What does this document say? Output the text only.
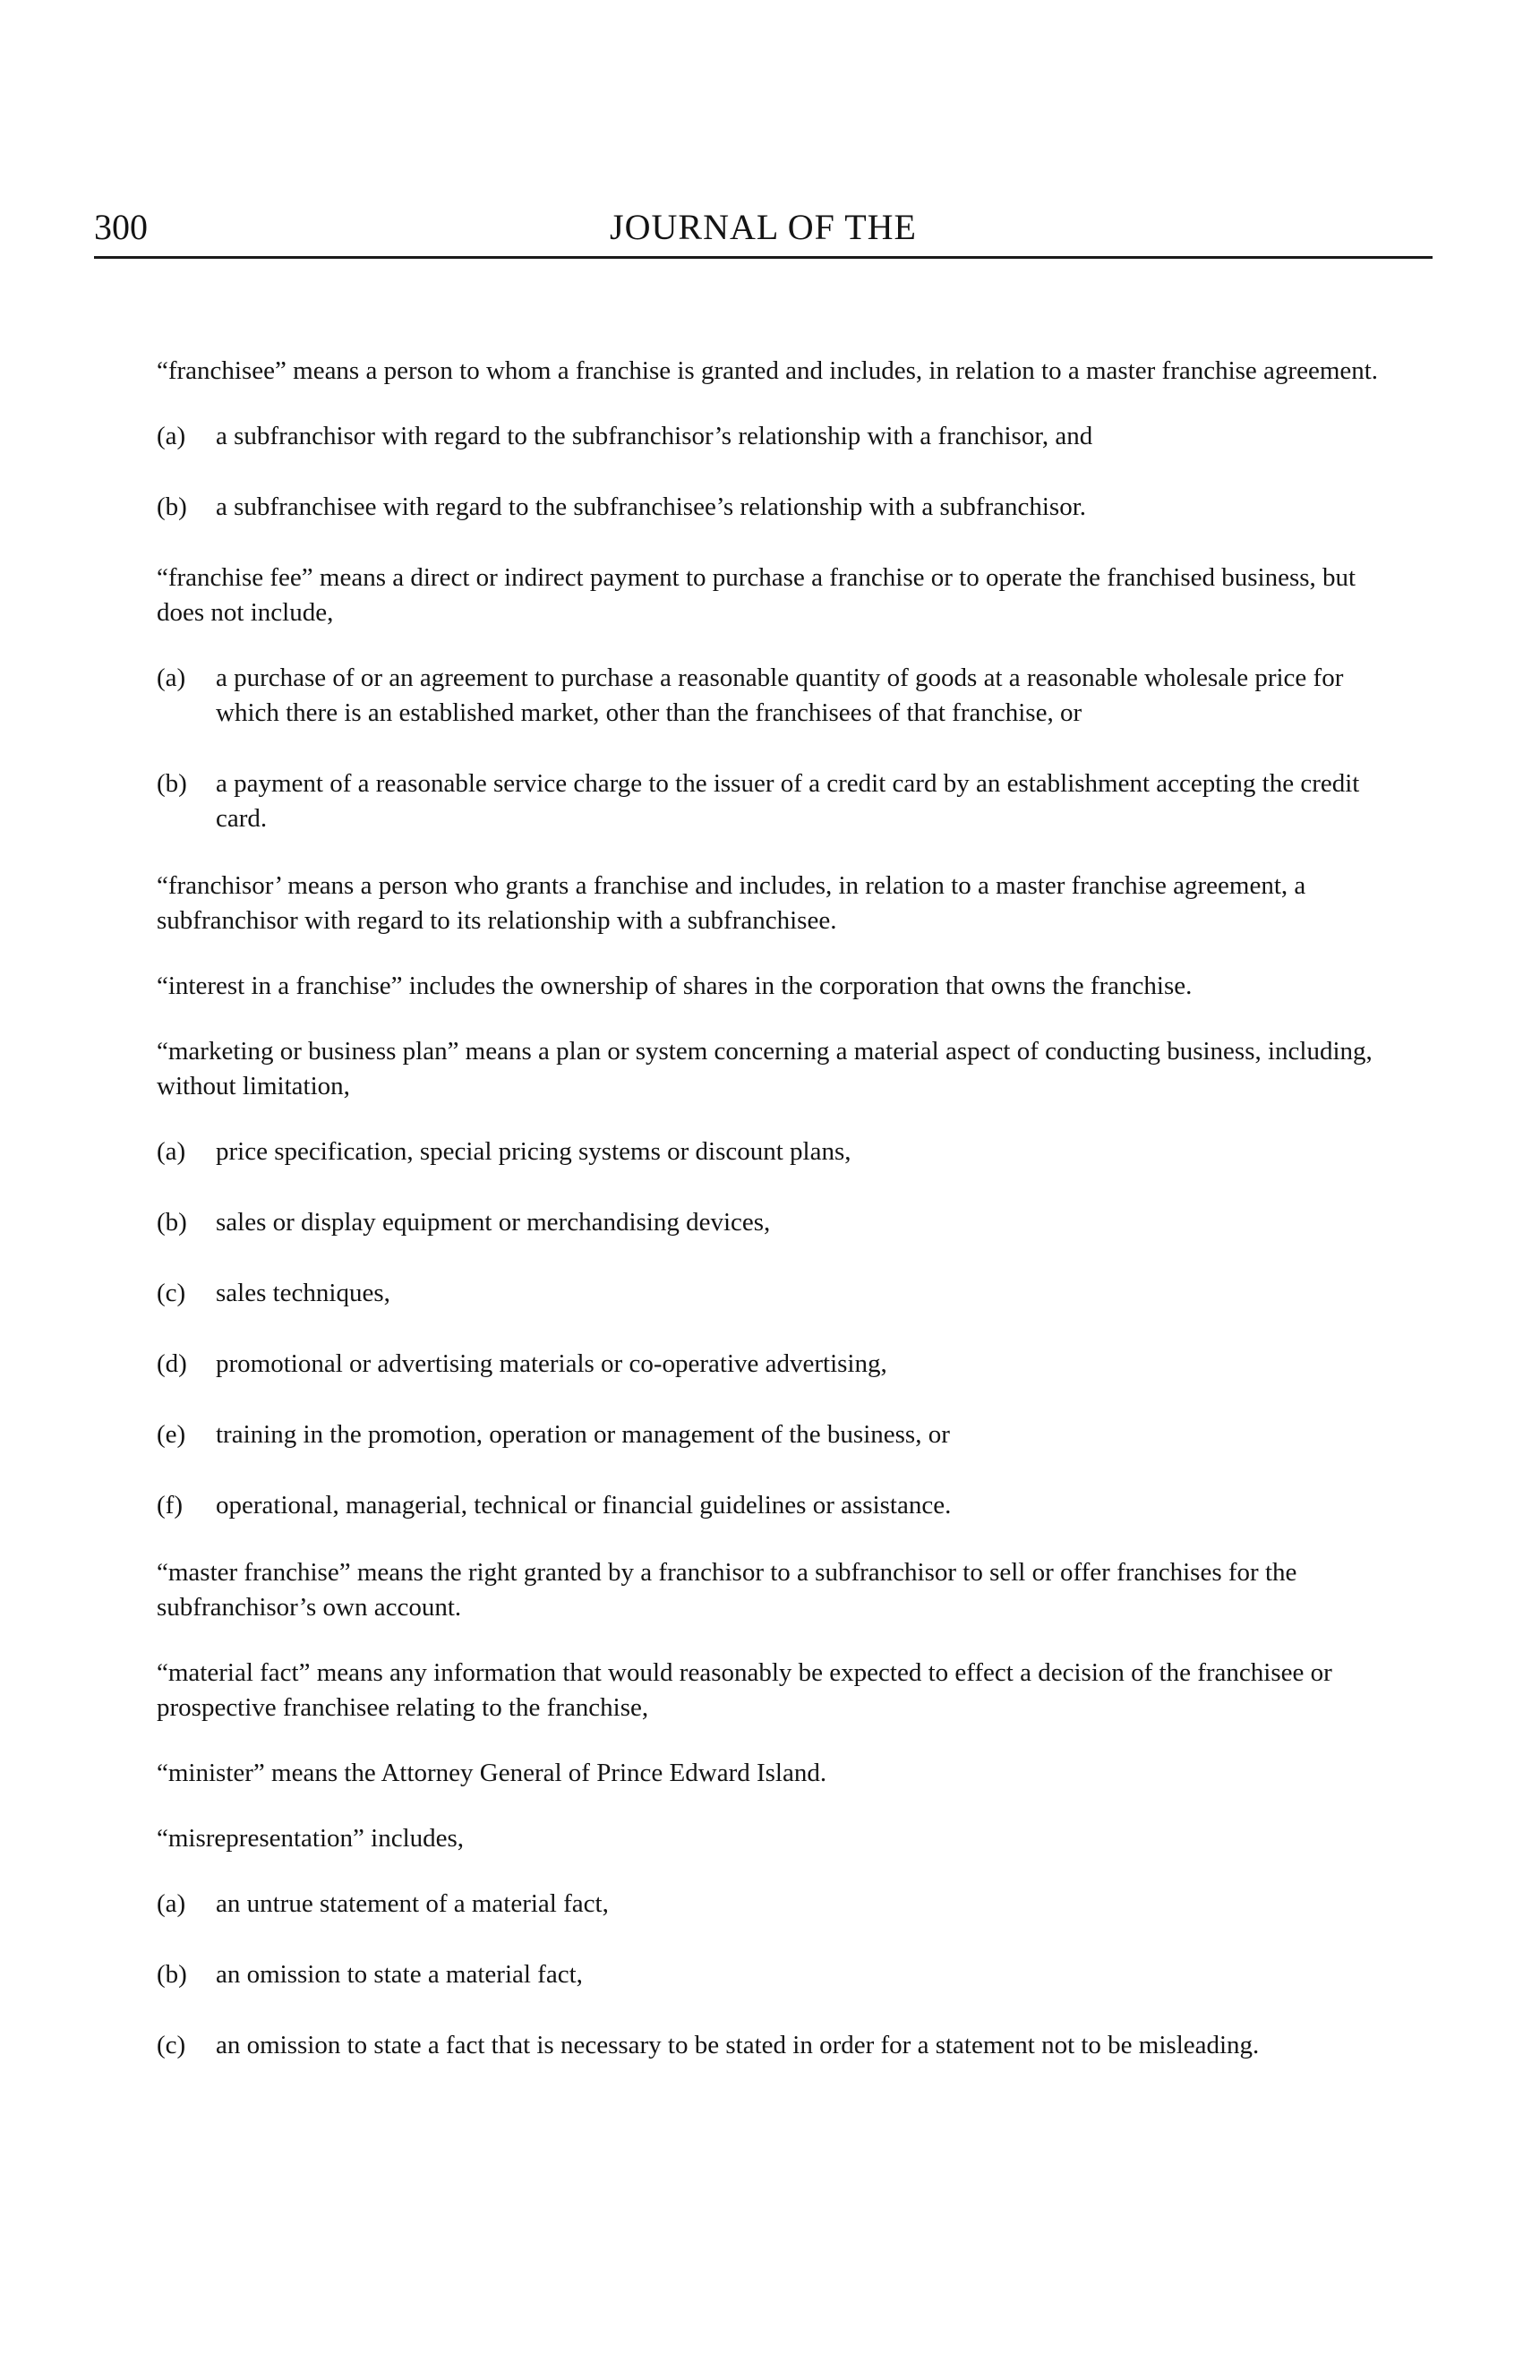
300	JOURNAL OF THE

“franchisee” means a person to whom a franchise is granted and includes, in relation to a master franchise agreement.

(a) a subfranchisor with regard to the subfranchisor’s relationship with a franchisor, and
(b) a subfranchisee with regard to the subfranchisee’s relationship with a subfranchisor.

“franchise fee” means a direct or indirect payment to purchase a franchise or to operate the franchised business, but does not include,

(a) a purchase of or an agreement to purchase a reasonable quantity of goods at a reasonable wholesale price for which there is an established market, other than the franchisees of that franchise, or
(b) a payment of a reasonable service charge to the issuer of a credit card by an establishment accepting the credit card.

“franchisor’ means a person who grants a franchise and includes, in relation to a master franchise agreement, a subfranchisor with regard to its relationship with a subfranchisee.

“interest in a franchise” includes the ownership of shares in the corporation that owns the franchise.

“marketing or business plan” means a plan or system concerning a material aspect of conducting business, including, without limitation,

(a) price specification, special pricing systems or discount plans,
(b) sales or display equipment or merchandising devices,
(c) sales techniques,
(d) promotional or advertising materials or co-operative advertising,
(e) training in the promotion, operation or management of the business, or
(f) operational, managerial, technical or financial guidelines or assistance.

“master franchise” means the right granted by a franchisor to a subfranchisor to sell or offer franchises for the subfranchisor’s own account.

“material fact” means any information that would reasonably be expected to effect a decision of the franchisee or prospective franchisee relating to the franchise,

“minister” means the Attorney General of Prince Edward Island.

“misrepresentation” includes,

(a) an untrue statement of a material fact,
(b) an omission to state a material fact,
(c) an omission to state a fact that is necessary to be stated in order for a statement not to be misleading.
